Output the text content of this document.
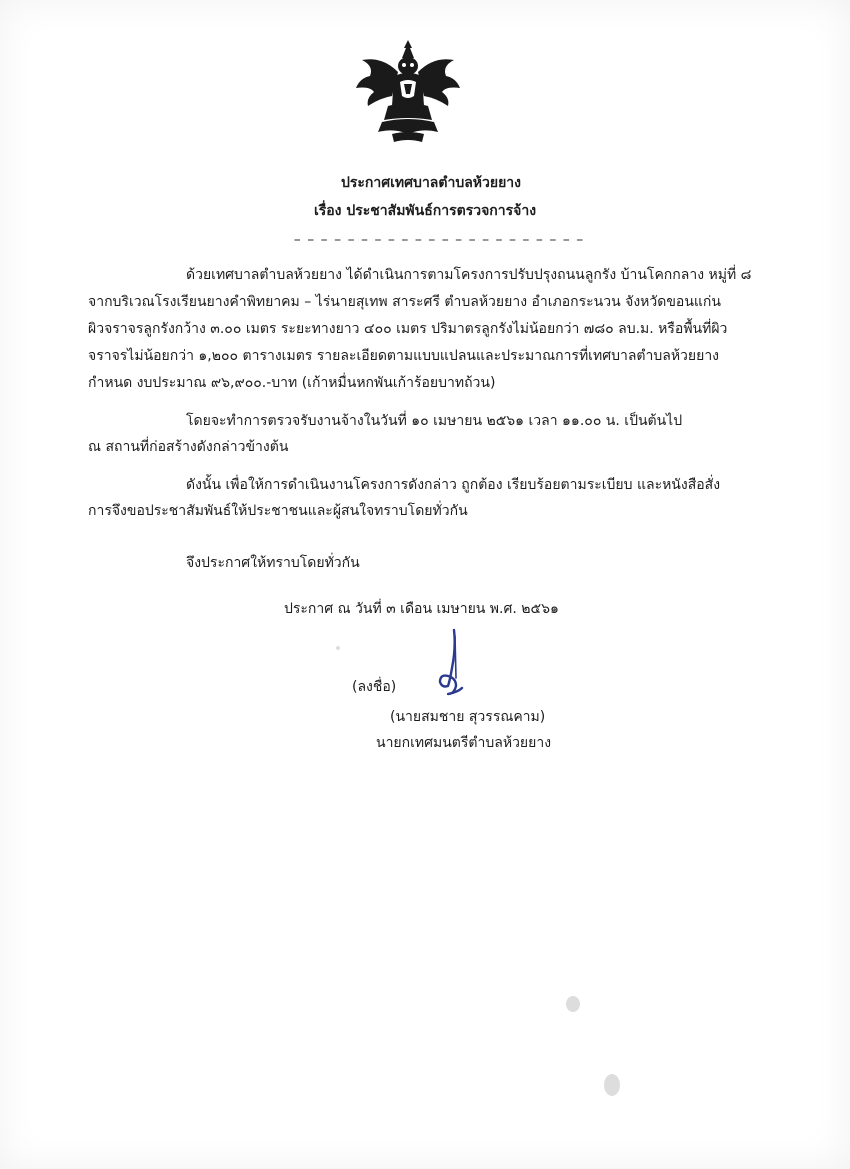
ประกาศเทศบาลตำบลห้วยยาง
เรื่อง ประชาสัมพันธ์การตรวจการจ้าง
– – – – – – – – – – – – – – – – – – – – – –
ด้วยเทศบาลตำบลห้วยยาง ได้ดำเนินการตามโครงการปรับปรุงถนนลูกรัง บ้านโคกกลาง หมู่ที่ ๘
จากบริเวณโรงเรียนยางคำพิทยาคม – ไร่นายสุเทพ สาระศรี ตำบลห้วยยาง อำเภอกระนวน จังหวัดขอนแก่น
ผิวจราจรลูกรังกว้าง ๓.๐๐ เมตร ระยะทางยาว ๔๐๐ เมตร ปริมาตรลูกรังไม่น้อยกว่า ๗๘๐ ลบ.ม. หรือพื้นที่ผิว
จราจรไม่น้อยกว่า ๑,๒๐๐ ตารางเมตร รายละเอียดตามแบบแปลนและประมาณการที่เทศบาลตำบลห้วยยาง
กำหนด งบประมาณ ๙๖,๙๐๐.-บาท (เก้าหมื่นหกพันเก้าร้อยบาทถ้วน)
โดยจะทำการตรวจรับงานจ้างในวันที่ ๑๐ เมษายน ๒๕๖๑ เวลา ๑๑.๐๐ น. เป็นต้นไป
ณ สถานที่ก่อสร้างดังกล่าวข้างต้น
ดังนั้น เพื่อให้การดำเนินงานโครงการดังกล่าว ถูกต้อง เรียบร้อยตามระเบียบ และหนังสือสั่ง
การจึงขอประชาสัมพันธ์ให้ประชาชนและผู้สนใจทราบโดยทั่วกัน
จึงประกาศให้ทราบโดยทั่วกัน
ประกาศ ณ วันที่ ๓ เดือน เมษายน พ.ศ. ๒๕๖๑
(ลงชื่อ)
(นายสมชาย สุวรรณคาม)
นายกเทศมนตรีตำบลห้วยยาง
